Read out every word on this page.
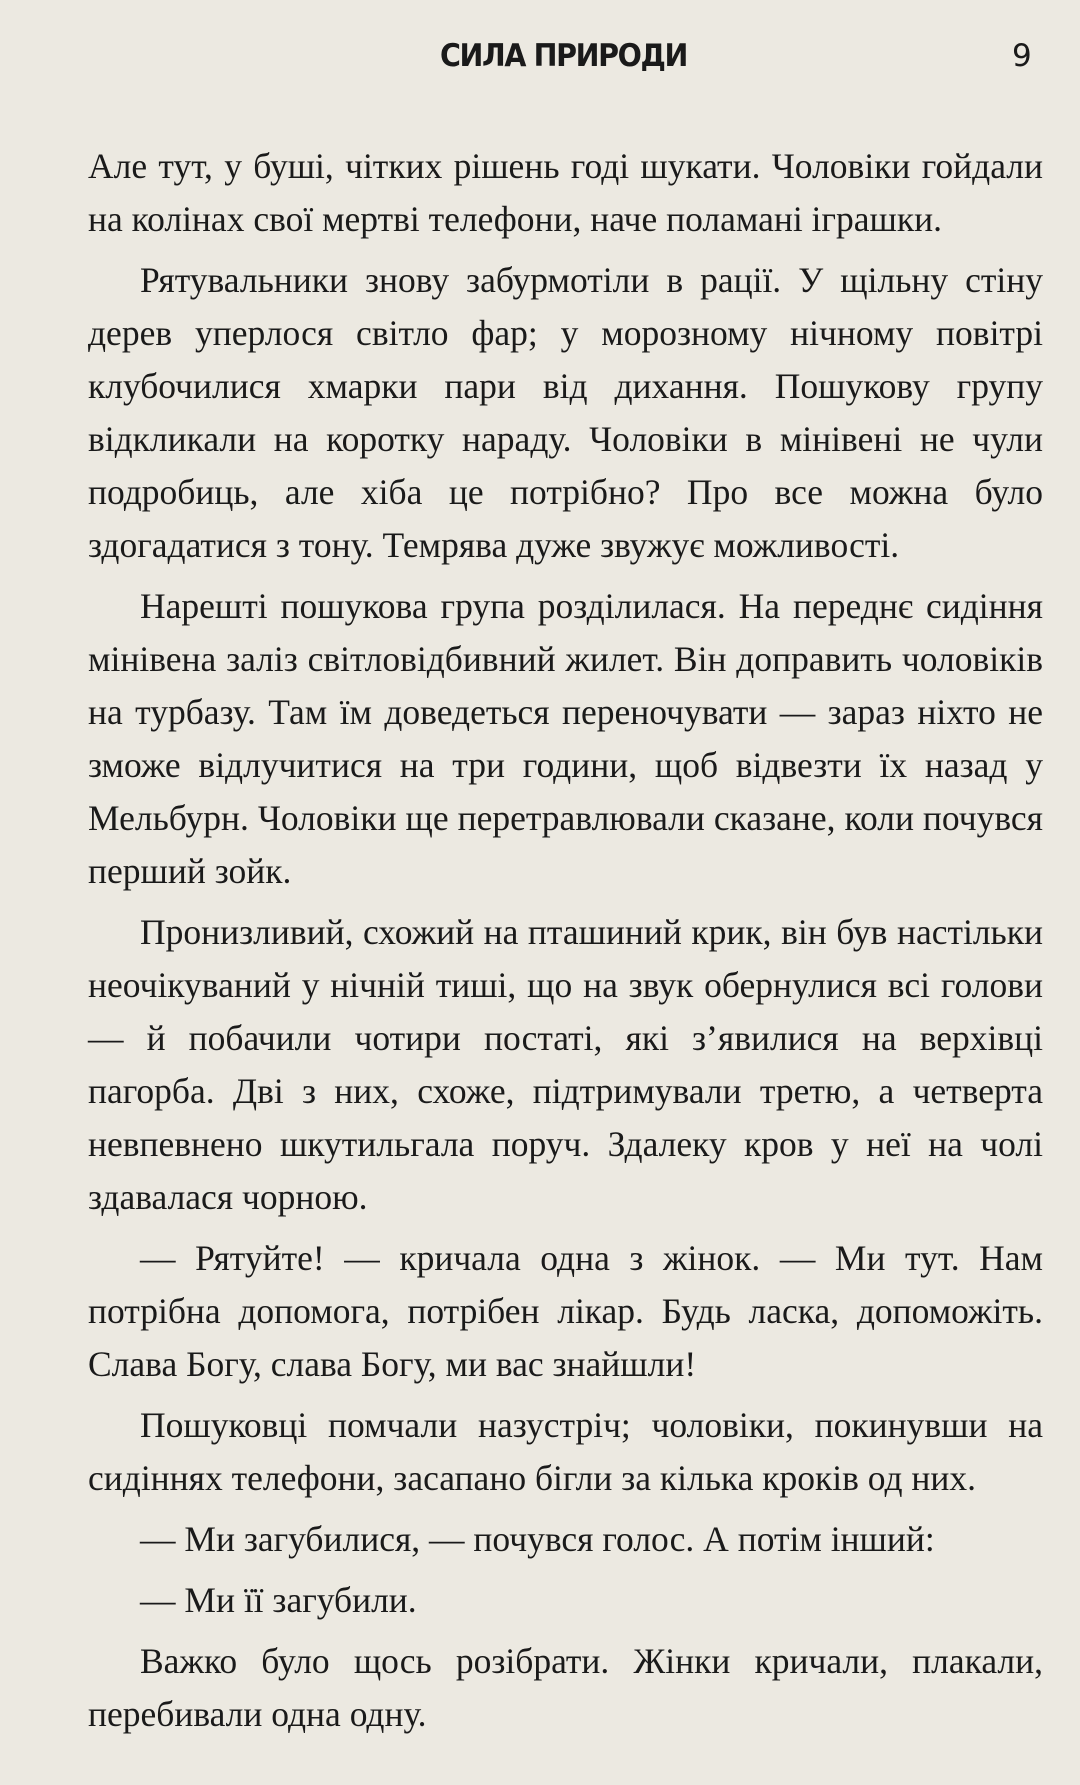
СИЛА ПРИРОДИ	9

Але тут, у буші, чітких рішень годі шукати. Чоловіки гойдали на колінах свої мертві телефони, наче поламані іграшки.

Рятувальники знову забурмотіли в рації. У щільну стіну дерев уперлося світло фар; у морозному нічному повітрі клубочилися хмарки пари від дихання. Пошукову групу відкликали на коротку нараду. Чоловіки в мінівені не чули подробиць, але хіба це потрібно? Про все можна було здогадатися з тону. Темрява дуже звужує можливості.

Нарешті пошукова група розділилася. На переднє сидіння мінівена заліз світловідбивний жилет. Він доправить чоловіків на турбазу. Там їм доведеться переночувати — зараз ніхто не зможе відлучитися на три години, щоб відвезти їх назад у Мельбурн. Чоловіки ще перетравлювали сказане, коли почувся перший зойк.

Пронизливий, схожий на пташиний крик, він був настільки неочікуваний у нічній тиші, що на звук обернулися всі голови — й побачили чотири постаті, які з’явилися на верхівці пагорба. Дві з них, схоже, підтримували третю, а четверта невпевнено шкутильгала поруч. Здалеку кров у неї на чолі здавалася чорною.

— Рятуйте! — кричала одна з жінок. — Ми тут. Нам потрібна допомога, потрібен лікар. Будь ласка, допоможіть. Слава Богу, слава Богу, ми вас знайшли!

Пошуковці помчали назустріч; чоловіки, покинувши на сидіннях телефони, засапано бігли за кілька кроків од них.

— Ми загубилися, — почувся голос. А потім інший:

— Ми її загубили.

Важко було щось розібрати. Жінки кричали, плакали, перебивали одна одну.
